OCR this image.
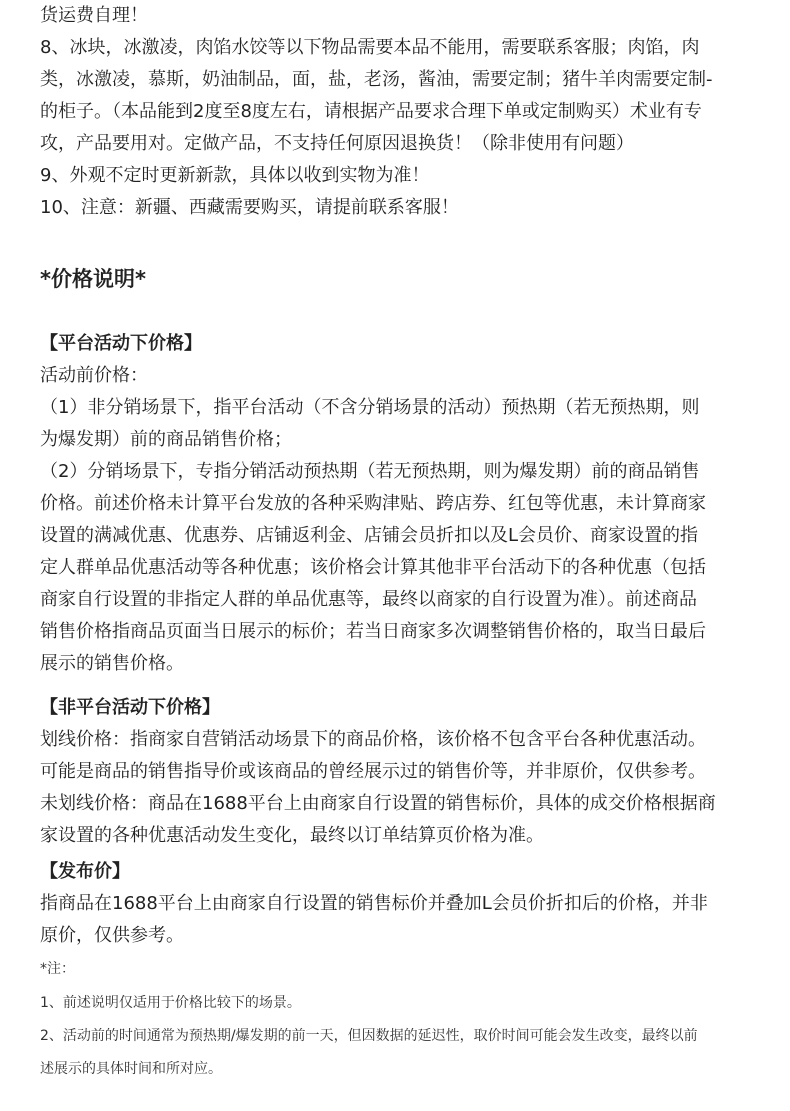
货运费自理！
8、冰块，冰激凌，肉馅水饺等以下物品需要本品不能用，需要联系客服；肉馅，肉
类，冰激凌，慕斯，奶油制品，面，盐，老汤，酱油，需要定制；猪牛羊肉需要定制-
的柜子。（本品能到2度至8度左右，请根据产品要求合理下单或定制购买）术业有专
攻，产品要用对。定做产品，不支持任何原因退换货！（除非使用有问题）
9、外观不定时更新新款，具体以收到实物为准！
10、注意：新疆、西藏需要购买，请提前联系客服！
*价格说明*
【平台活动下价格】
活动前价格：
（1）非分销场景下，指平台活动（不含分销场景的活动）预热期（若无预热期，则
为爆发期）前的商品销售价格；
（2）分销场景下，专指分销活动预热期（若无预热期，则为爆发期）前的商品销售
价格。前述价格未计算平台发放的各种采购津贴、跨店券、红包等优惠，未计算商家
设置的满减优惠、优惠券、店铺返利金、店铺会员折扣以及L会员价、商家设置的指
定人群单品优惠活动等各种优惠；该价格会计算其他非平台活动下的各种优惠（包括
商家自行设置的非指定人群的单品优惠等，最终以商家的自行设置为准）。前述商品
销售价格指商品页面当日展示的标价；若当日商家多次调整销售价格的，取当日最后
展示的销售价格。
【非平台活动下价格】
划线价格：指商家自营销活动场景下的商品价格，该价格不包含平台各种优惠活动。
可能是商品的销售指导价或该商品的曾经展示过的销售价等，并非原价，仅供参考。
未划线价格：商品在1688平台上由商家自行设置的销售标价，具体的成交价格根据商
家设置的各种优惠活动发生变化，最终以订单结算页价格为准。
【发布价】
指商品在1688平台上由商家自行设置的销售标价并叠加L会员价折扣后的价格，并非
原价，仅供参考。
*注：
1、前述说明仅适用于价格比较下的场景。
2、活动前的时间通常为预热期/爆发期的前一天，但因数据的延迟性，取价时间可能会发生改变，最终以前
述展示的具体时间和所对应。
